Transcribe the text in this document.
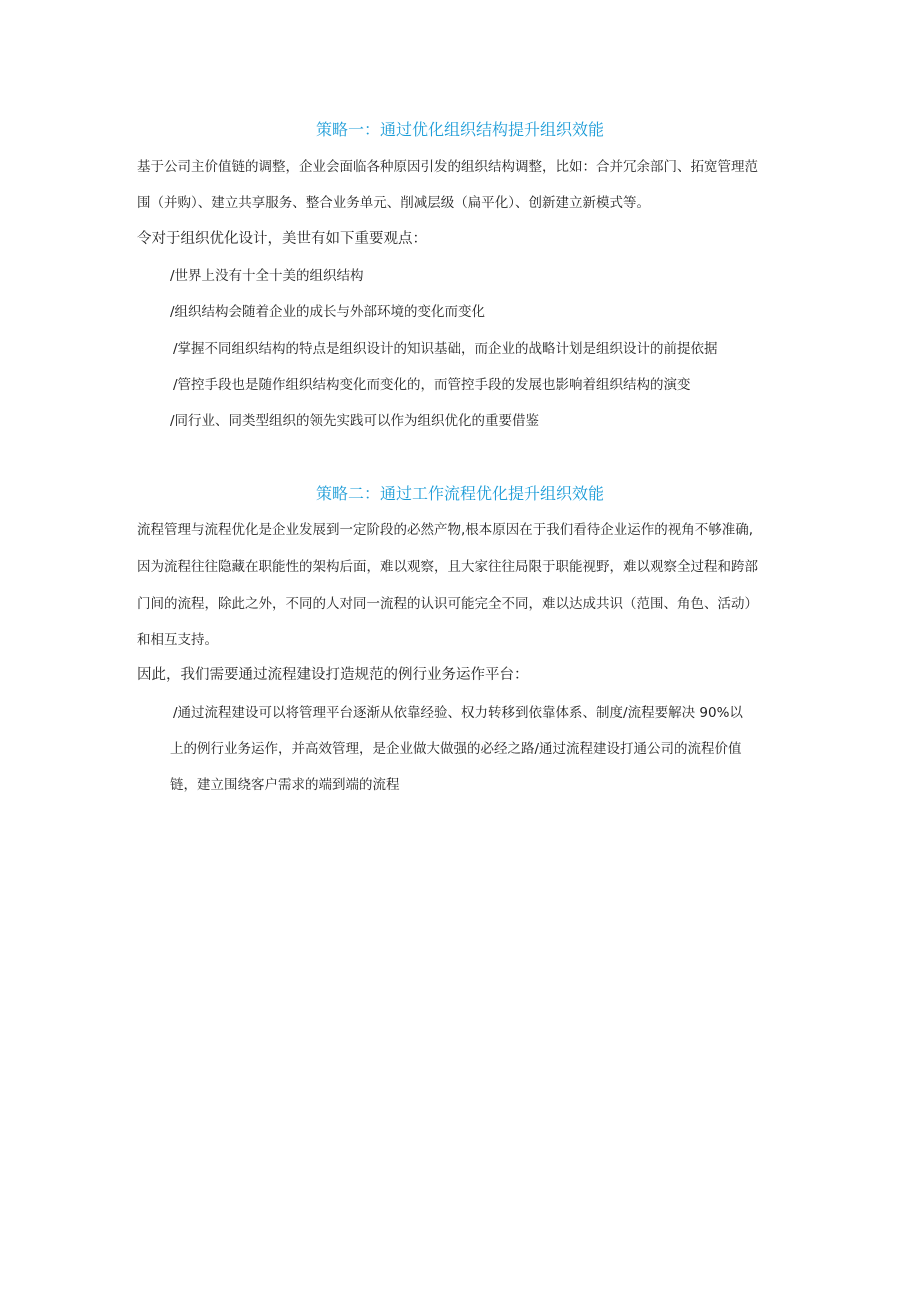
策略一：通过优化组织结构提升组织效能
基于公司主价值链的调整，企业会面临各种原因引发的组织结构调整，比如：合并冗余部门、拓宽管理范
围（并购）、建立共享服务、整合业务单元、削减层级（扁平化）、创新建立新模式等。
令对于组织优化设计，美世有如下重要观点：
/世界上没有十全十美的组织结构
/组织结构会随着企业的成长与外部环境的变化而变化
/掌握不同组织结构的特点是组织设计的知识基础，而企业的战略计划是组织设计的前提依据
/管控手段也是随作组织结构变化而变化的，而管控手段的发展也影响着组织结构的演变
/同行业、同类型组织的领先实践可以作为组织优化的重要借鉴
策略二：通过工作流程优化提升组织效能
流程管理与流程优化是企业发展到一定阶段的必然产物,根本原因在于我们看待企业运作的视角不够准确,
因为流程往往隐藏在职能性的架构后面，难以观察，且大家往往局限于职能视野，难以观察全过程和跨部
门间的流程，除此之外，不同的人对同一流程的认识可能完全不同，难以达成共识（范围、角色、活动）
和相互支持。
因此，我们需要通过流程建设打造规范的例行业务运作平台：
/通过流程建设可以将管理平台逐渐从依靠经验、权力转移到依靠体系、制度/流程要解决 90%以
上的例行业务运作，并高效管理，是企业做大做强的必经之路/通过流程建设打通公司的流程价值
链，建立围绕客户需求的端到端的流程
